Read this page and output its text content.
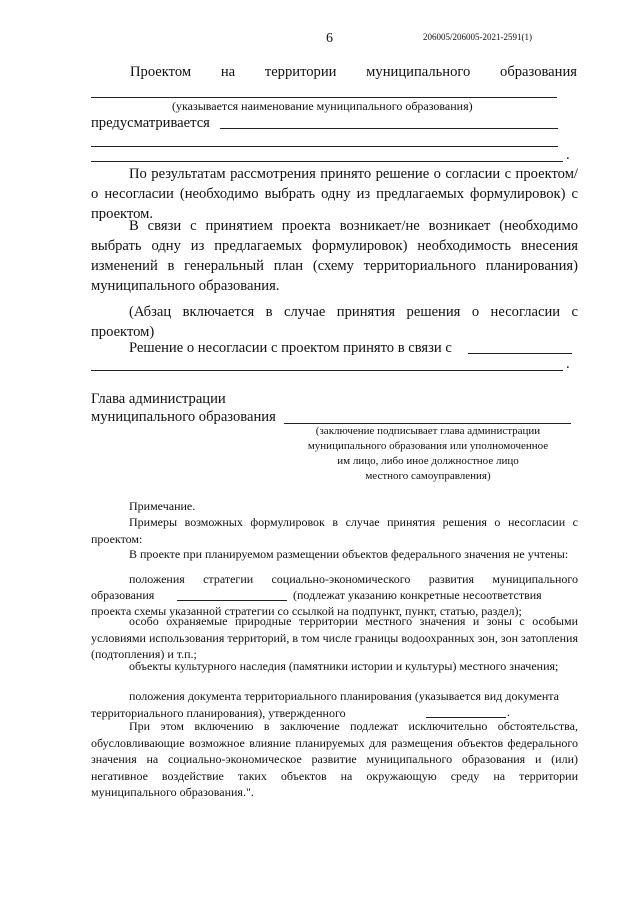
6	206005/206005-2021-2591(1)
Проектом на территории муниципального образования
(указывается наименование муниципального образования)
предусматривается
.
По результатам рассмотрения принято решение о согласии с проектом/о несогласии (необходимо выбрать одну из предлагаемых формулировок) с проектом.
В связи с принятием проекта возникает/не возникает (необходимо выбрать одну из предлагаемых формулировок) необходимость внесения изменений в генеральный план (схему территориального планирования) муниципального образования.
(Абзац включается в случае принятия решения о несогласии с проектом)
Решение о несогласии с проектом принято в связи с
.
Глава администрации
муниципального образования
(заключение подписывает глава администрации
муниципального образования или уполномоченное
им лицо, либо иное должностное лицо
местного самоуправления)
Примечание.
Примеры возможных формулировок в случае принятия решения о несогласии с проектом:
В проекте при планируемом размещении объектов федерального значения не учтены:
положения стратегии социально-экономического развития муниципального
образования	(подлежат указанию конкретные несоответствия
проекта схемы указанной стратегии со ссылкой на подпункт, пункт, статью, раздел);
особо охраняемые природные территории местного значения и зоны с особыми условиями использования территорий, в том числе границы водоохранных зон, зон затопления (подтопления) и т.п.;
объекты культурного наследия (памятники истории и культуры) местного значения;
положения документа территориального планирования (указывается вид документа территориального планирования), утвержденного	.
При этом включению в заключение подлежат исключительно обстоятельства, обусловливающие возможное влияние планируемых для размещения объектов федерального значения на социально-экономическое развитие муниципального образования и (или) негативное воздействие таких объектов на окружающую среду на территории муниципального образования.".
